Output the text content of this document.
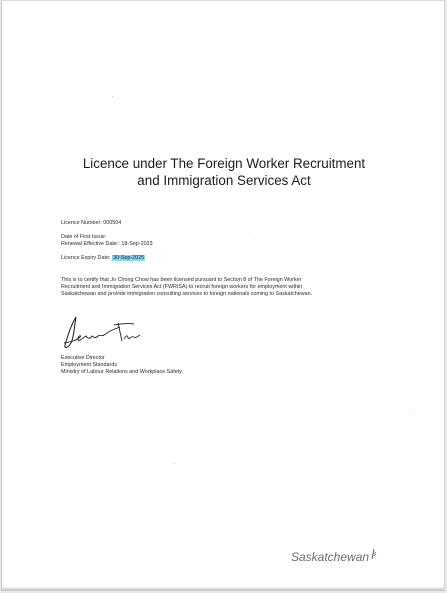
Licence under The Foreign Worker Recruitment
and Immigration Services Act
Licence Number: 000504
Date of First Issue:
Renewal Effective Date:: 18-Sep-2023
Licence Expiry Date: 30-Sep-2025
This is to certify that Jo Chong Chow has been licensed pursuant to Section 8 of The Foreign Worker
Recruitment and Immigration Services Act (FWRISA) to recruit foreign workers for employment within
Saskatchewan and provide immigration consulting services to foreign nationals coming to Saskatchewan.
Executive Director
Employment Standards
Ministry of Labour Relations and Workplace Safety
Saskatchewan
